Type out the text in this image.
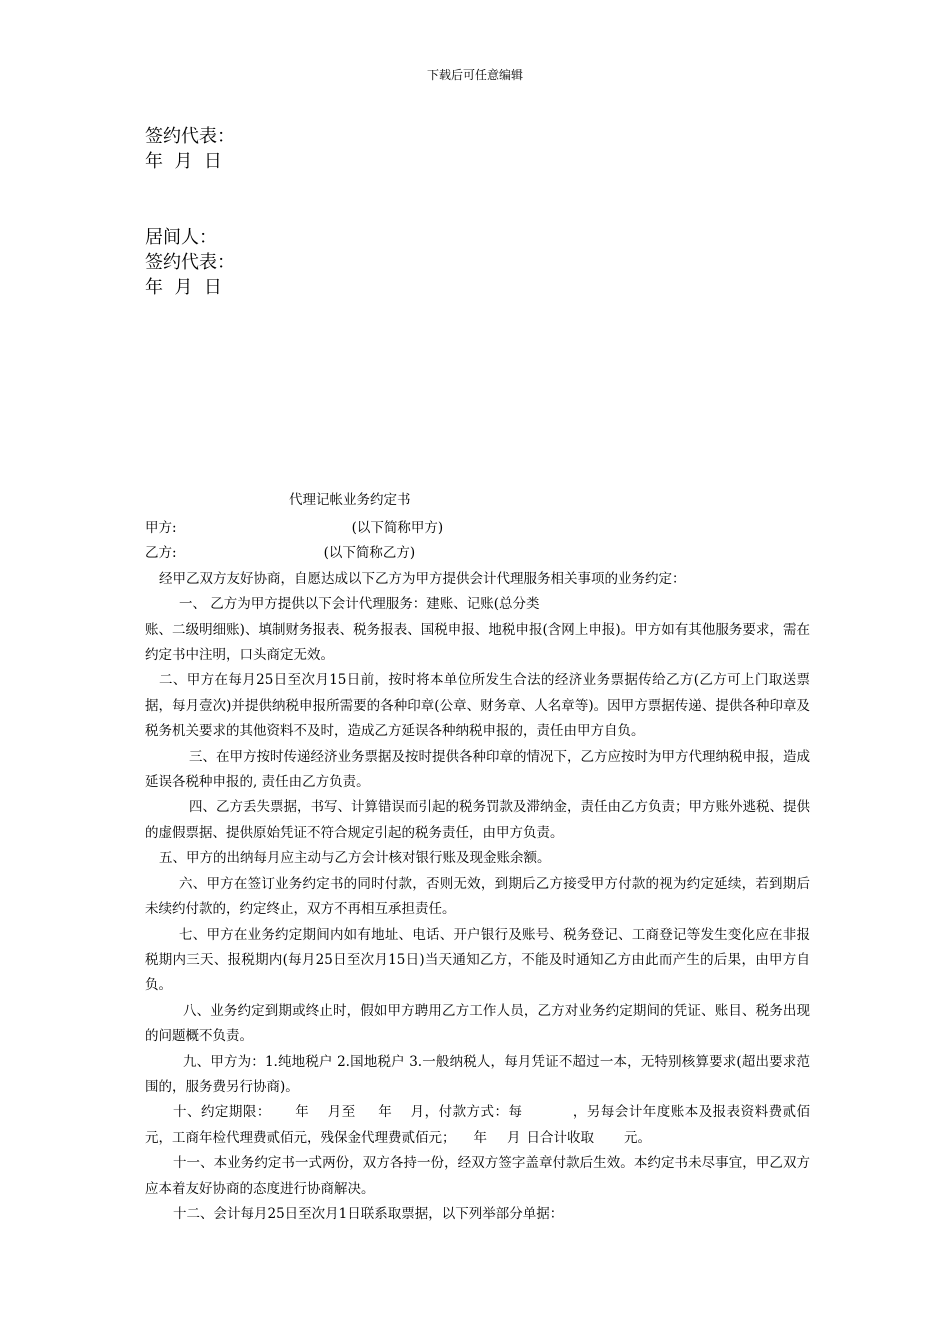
下载后可任意编辑
签约代表：
年  月  日
居间人：
签约代表：
年  月  日
代理记帐业务约定书

甲方:	(以下简称甲方)

乙方:	(以下简称乙方)

经甲乙双方友好协商，自愿达成以下乙方为甲方提供会计代理服务相关事项的业务约定：

一、 乙方为甲方提供以下会计代理服务：建账、记账(总分类

账、二级明细账)、填制财务报表、税务报表、国税申报、地税申报(含网上申报)。甲方如有其他服务要求，需在约定书中注明，口头商定无效。

二、甲方在每月25日至次月15日前，按时将本单位所发生合法的经济业务票据传给乙方(乙方可上门取送票据，每月壹次)并提供纳税申报所需要的各种印章(公章、财务章、人名章等)。因甲方票据传递、提供各种印章及税务机关要求的其他资料不及时，造成乙方延误各种纳税申报的，责任由甲方自负。

三、在甲方按时传递经济业务票据及按时提供各种印章的情况下，乙方应按时为甲方代理纳税申报，造成延误各税种申报的, 责任由乙方负责。

四、乙方丢失票据，书写、计算错误而引起的税务罚款及滞纳金，责任由乙方负责；甲方账外逃税、提供的虚假票据、提供原始凭证不符合规定引起的税务责任，由甲方负责。

五、甲方的出纳每月应主动与乙方会计核对银行账及现金账余额。

六、甲方在签订业务约定书的同时付款，否则无效，到期后乙方接受甲方付款的视为约定延续，若到期后未续约付款的，约定终止，双方不再相互承担责任。

七、甲方在业务约定期间内如有地址、电话、开户银行及账号、税务登记、工商登记等发生变化应在非报税期内三天、报税期内(每月25日至次月15日)当天通知乙方，不能及时通知乙方由此而产生的后果，由甲方自负。

八、业务约定到期或终止时，假如甲方聘用乙方工作人员，乙方对业务约定期间的凭证、账目、税务出现的问题概不负责。

九、甲方为：1.纯地税户 2.国地税户 3.一般纳税人，每月凭证不超过一本，无特别核算要求(超出要求范围的，服务费另行协商)。

十、约定期限： 年 月至 年 月，付款方式：每	，另每会计年度账本及报表资料费贰佰元，工商年检代理费贰佰元，残保金代理费贰佰元； 年 月 日合计收取 元。

十一、本业务约定书一式两份，双方各持一份，经双方签字盖章付款后生效。本约定书未尽事宜，甲乙双方应本着友好协商的态度进行协商解决。

十二、会计每月25日至次月1日联系取票据，以下列举部分单据：
